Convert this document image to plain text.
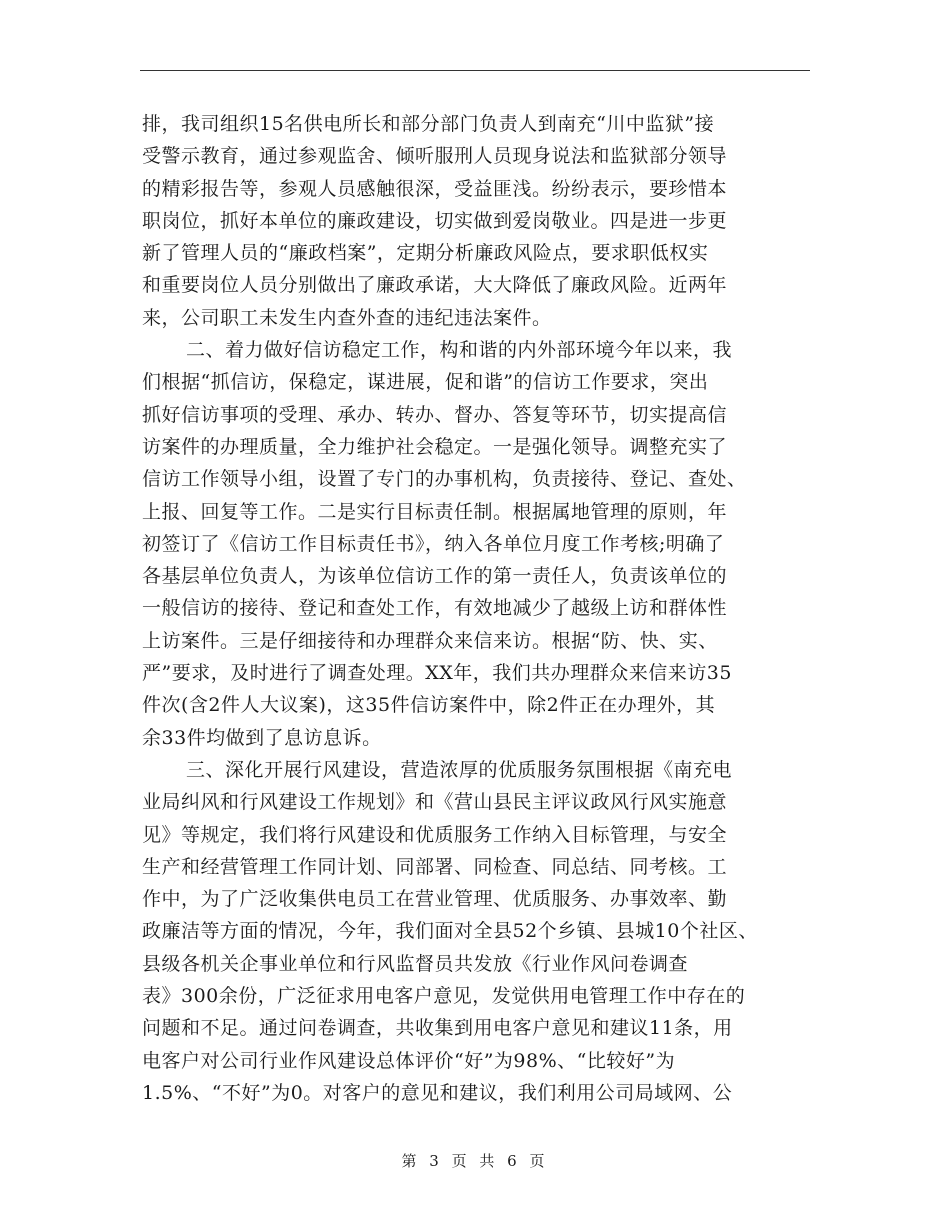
排，我司组织15名供电所长和部分部门负责人到南充“川中监狱”接
受警示教育，通过参观监舍、倾听服刑人员现身说法和监狱部分领导
的精彩报告等，参观人员感触很深，受益匪浅。纷纷表示，要珍惜本
职岗位，抓好本单位的廉政建设，切实做到爱岗敬业。四是进一步更
新了管理人员的“廉政档案”，定期分析廉政风险点，要求职低权实
和重要岗位人员分别做出了廉政承诺，大大降低了廉政风险。近两年
来，公司职工未发生内查外查的违纪违法案件。
二、着力做好信访稳定工作，构和谐的内外部环境今年以来，我
们根据“抓信访，保稳定，谋进展，促和谐”的信访工作要求，突出
抓好信访事项的受理、承办、转办、督办、答复等环节，切实提高信
访案件的办理质量，全力维护社会稳定。一是强化领导。调整充实了
信访工作领导小组，设置了专门的办事机构，负责接待、登记、查处、
上报、回复等工作。二是实行目标责任制。根据属地管理的原则，年
初签订了《信访工作目标责任书》，纳入各单位月度工作考核;明确了
各基层单位负责人，为该单位信访工作的第一责任人，负责该单位的
一般信访的接待、登记和查处工作，有效地减少了越级上访和群体性
上访案件。三是仔细接待和办理群众来信来访。根据“防、快、实、
严”要求，及时进行了调查处理。XX年，我们共办理群众来信来访35
件次(含2件人大议案)，这35件信访案件中，除2件正在办理外，其
余33件均做到了息访息诉。
三、深化开展行风建设，营造浓厚的优质服务氛围根据《南充电
业局纠风和行风建设工作规划》和《营山县民主评议政风行风实施意
见》等规定，我们将行风建设和优质服务工作纳入目标管理，与安全
生产和经营管理工作同计划、同部署、同检查、同总结、同考核。工
作中，为了广泛收集供电员工在营业管理、优质服务、办事效率、勤
政廉洁等方面的情况，今年，我们面对全县52个乡镇、县城10个社区、
县级各机关企事业单位和行风监督员共发放《行业作风问卷调查
表》300余份，广泛征求用电客户意见，发觉供用电管理工作中存在的
问题和不足。通过问卷调查，共收集到用电客户意见和建议11条，用
电客户对公司行业作风建设总体评价“好”为98%、“比较好”为
1.5%、“不好”为0。对客户的意见和建议，我们利用公司局域网、公
第 3 页 共 6 页
